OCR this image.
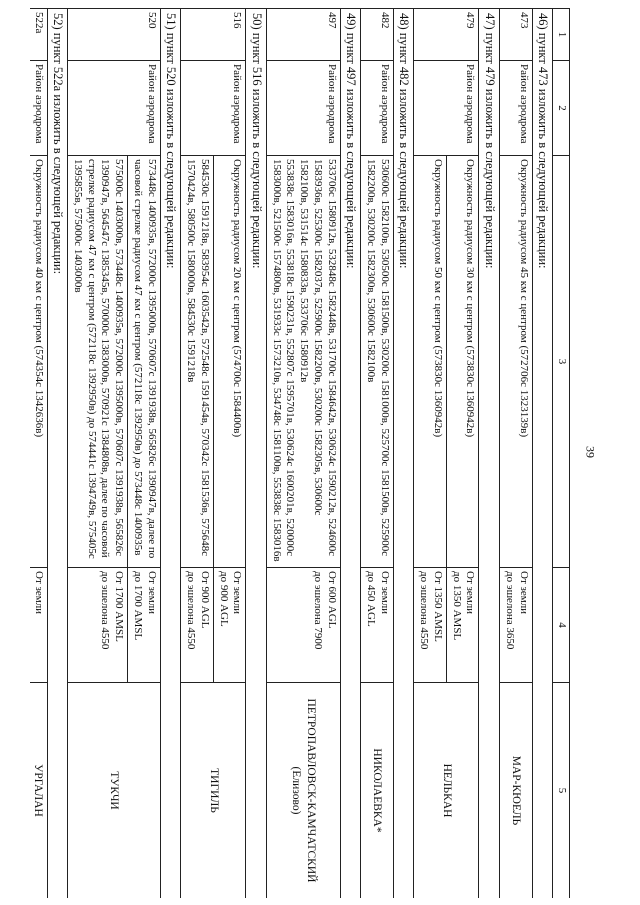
39
1	2	3	4	5
46) пункт 473 изложить в следующей редакции:				
473	Район аэродрома	Окружность радиусом 45 км с центром (572706с 1323139в)	От земли
до эшелона 3650	МАР-КЮЕЛЬ
47) пункт 479 изложить в следующей редакции:				
479	Район аэродрома	Окружность радиусом 30 км с центром (573830с 1360942в)	От земли
до 1350 AMSL	НЕЛЬКАН
		Окружность радиусом 50 км с центром (573830с 1360942в)	От 1350 AMSL
до эшелона 4550	
48) пункт 482 изложить в следующей редакции:				
482	Район аэродрома	530600с 1582100в, 530500с 1581500в, 530200с 1581000в, 525700с 1581500в, 525900с 1582200в, 530200с 1582300в, 530600с 1582100в	От земли
до 450 AGL	НИКОЛАЕВКА*
49) пункт 497 изложить в следующей редакции:				
497	Район аэродрома	533706с 1580912в, 532848с 1582448в, 531700с 1584642в, 530624с 1590212в, 524600с 1583936в, 525300с 1582037в, 525900с 1582200в, 530200с 1582305в, 530600с 1582100в, 531514с 1580833в, 533706с 1580912в
553838с 1583016в, 553818с 1590231в, 552807с 1595701в, 530624с 1600201в, 520000с 1583000в, 521500с 1574800в, 531933с 1573210в, 534748с 1581100в, 553838с 1583016в	От 600 AGL
до эшелона 7900	ПЕТРОПАВЛОВСК-КАМЧАТСКИЙ
(Елизово)
50) пункт 516 изложить в следующей редакции:				
516	Район аэродрома	Окружность радиусом 20 км с центром (574700с 1584400в)	От земли
до 900 AGL	ТИГИЛЬ
		584530с 1591218в, 583954с 1603542в, 572548с 1591454в, 570342с 1581536в, 575648с 1570424в, 580500с 1580000в, 584530с 1591218в	От 900 AGL
до эшелона 4550	
51) пункт 520 изложить в следующей редакции:				
520	Район аэродрома	573448с 1400935в, 572000с 1395000в, 570607с 1391938в, 565826с 1390947в, далее по часовой стрелке радиусом 47 км с центром (572118с 1392950в) до 573448с 1400935в	От земли
до 1700 AMSL	ТУКЧИ
		575000с 1403000в, 573448с 1400935в, 572000с 1395000в, 570607с 1391938в, 565826с 1390947в, 564547с 1385345в, 570000с 1383000в, 570921с 1384808в, далее по часовой стрелке радиусом 47 км с центром (572118с 1392950в) до 574441с 1394749в, 575405с 1395855в, 575000с 1403000в	От 1700 AMSL
до эшелона 4550	
52) пункт 522а изложить в следующей редакции:				
522а	Район аэродрома	Окружность радиусом 40 км с центром (574354с 1342636в)	От земли	УРГАЛАН
